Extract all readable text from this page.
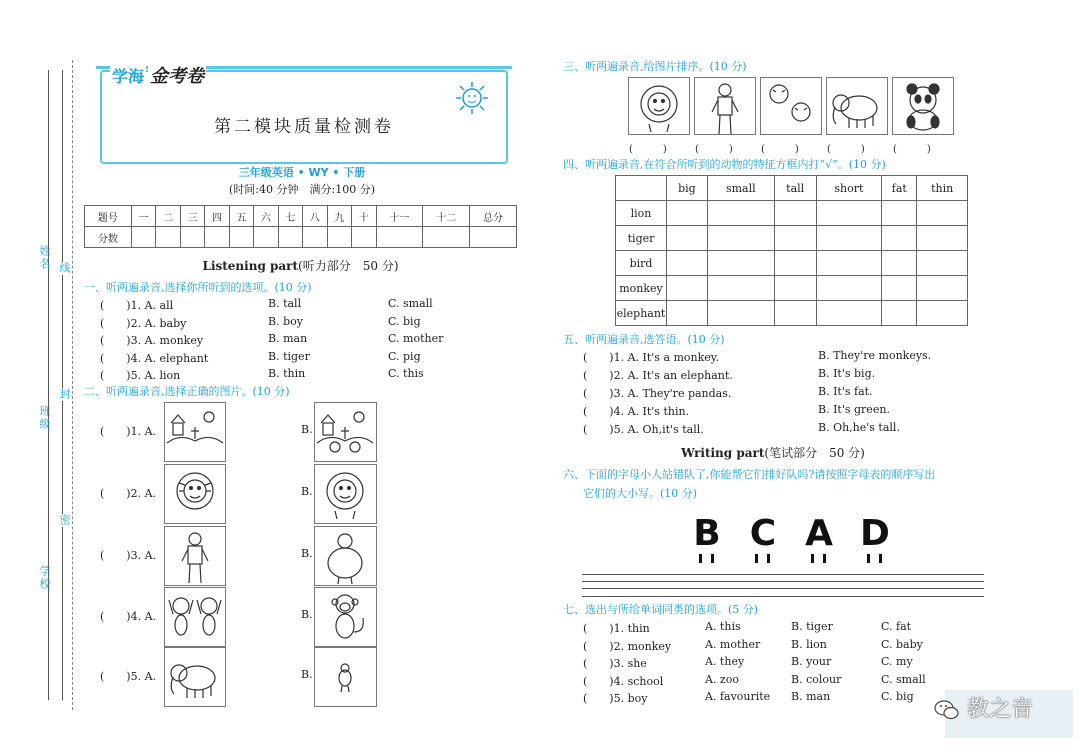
姓名
班级
学校
线
封
密
学海 金考卷
第二模块质量检测卷
三年级英语 • WY • 下册
(时间:40 分钟　满分:100 分)
题号	一	二	三	四	五	六	七	八	九	十	十一	十二	总分
分数													
Listening part(听力部分　50 分)
一、听两遍录音,选择你所听到的选项。(10 分)
(　　)1. A. all	B. tall	C. small
(　　)2. A. baby	B. boy	C. big
(　　)3. A. monkey	B. man	C. mother
(　　)4. A. elephant	B. tiger	C. pig
(　　)5. A. lion	B. thin	C. this
二、听两遍录音,选择正确的图片。(10 分)
(　　)1. A.	B.
(　　)2. A.	B.
(　　)3. A.	B.
(　　)4. A.	B.
(　　)5. A.	B.
三、听两遍录音,给图片排序。(10 分)
(　　　)	(　　　)	(　　　)	(　　　)	(　　　)
四、听两遍录音,在符合所听到的动物的特征方框内打“√”。(10 分)
	big	small	tall	short	fat	thin
lion						
tiger						
bird						
monkey						
elephant						
五、听两遍录音,选答语。(10 分)
(　　)1. A. It's a monkey.	B. They're monkeys.
(　　)2. A. It's an elephant.	B. It's big.
(　　)3. A. They're pandas.	B. It's fat.
(　　)4. A. It's thin.	B. It's green.
(　　)5. A. Oh,it's tall.	B. Oh,he's tall.
Writing part(笔试部分　50 分)
六、下面的字母小人站错队了,你能帮它们排好队吗?请按照字母表的顺序写出
它们的大小写。(10 分)
B C A D
七、选出与所给单词同类的选项。(5 分)
(　　)1. thin	A. this	B. tiger	C. fat
(　　)2. monkey	A. mother	B. lion	C. baby
(　　)3. she	A. they	B. your	C. my
(　　)4. school	A. zoo	B. colour	C. small
(　　)5. boy	A. favourite B. man	C. big
教之音
